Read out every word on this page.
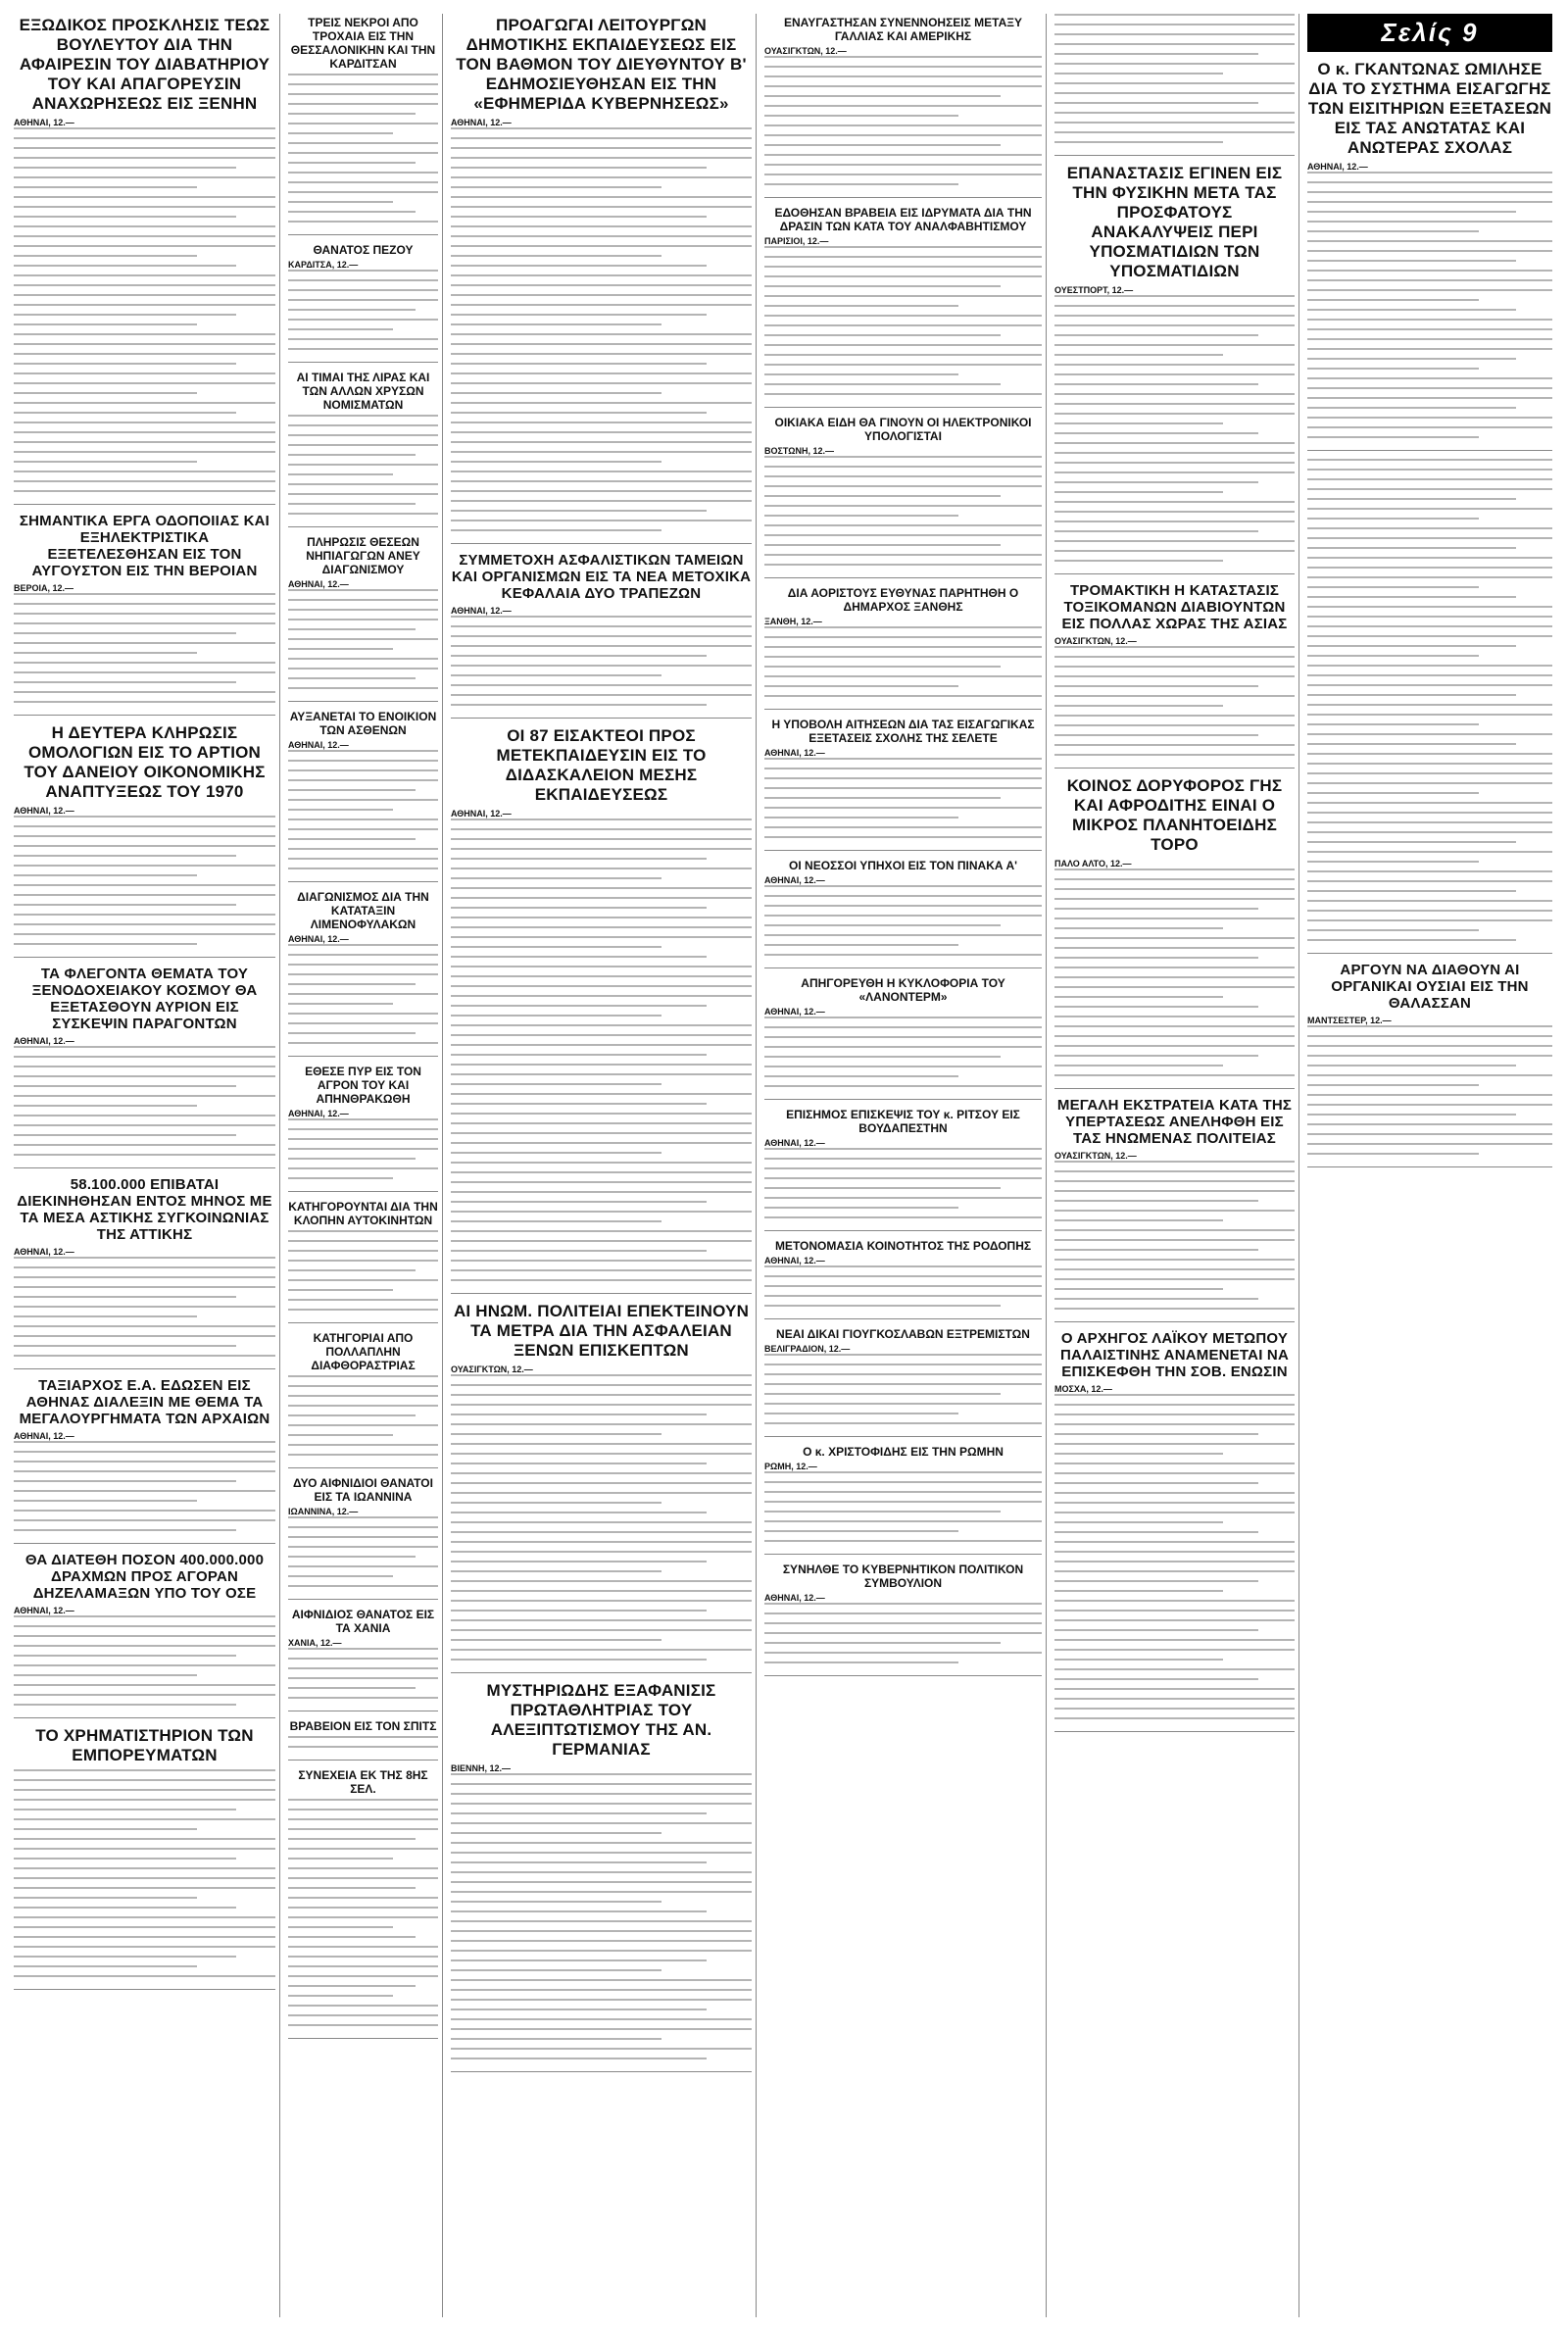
ΕΞΩΔΙΚΟΣ ΠΡΟΣΚΛΗΣΙΣ ΤΕΩΣ ΒΟΥΛΕΥΤΟΥ ΔΙΑ ΤΗΝ ΑΦΑΙΡΕΣΙΝ ΤΟΥ ΔΙΑΒΑΤΗΡΙΟΥ ΤΟΥ ΚΑΙ ΑΠΑΓΟΡΕΥΣΙΝ ΑΝΑΧΩΡΗΣΕΩΣ ΕΙΣ ΞΕΝΗΝ
ΑΘΗΝΑΙ, 12.—
ΣΗΜΑΝΤΙΚΑ ΕΡΓΑ ΟΔΟΠΟΙΙΑΣ ΚΑΙ ΕΞΗΛΕΚΤΡΙΣΤΙΚΑ ΕΞΕΤΕΛΕΣΘΗΣΑΝ ΕΙΣ ΤΟΝ ΑΥΓΟΥΣΤΟΝ ΕΙΣ ΤΗΝ ΒΕΡΟΙΑΝ
ΒΕΡΟΙΑ, 12.—
Η ΔΕΥΤΕΡΑ ΚΛΗΡΩΣΙΣ ΟΜΟΛΟΓΙΩΝ ΕΙΣ ΤΟ ΑΡΤΙΟΝ ΤΟΥ ΔΑΝΕΙΟΥ ΟΙΚΟΝΟΜΙΚΗΣ ΑΝΑΠΤΥΞΕΩΣ ΤΟΥ 1970
ΑΘΗΝΑΙ, 12.—
ΤΑ ΦΛΕΓΟΝΤΑ ΘΕΜΑΤΑ ΤΟΥ ΞΕΝΟΔΟΧΕΙΑΚΟΥ ΚΟΣΜΟΥ ΘΑ ΕΞΕΤΑΣΘΟΥΝ ΑΥΡΙΟΝ ΕΙΣ ΣΥΣΚΕΨΙΝ ΠΑΡΑΓΟΝΤΩΝ
ΑΘΗΝΑΙ, 12.—
58.100.000 ΕΠΙΒΑΤΑΙ ΔΙΕΚΙΝΗΘΗΣΑΝ ΕΝΤΟΣ ΜΗΝΟΣ ΜΕ ΤΑ ΜΕΣΑ ΑΣΤΙΚΗΣ ΣΥΓΚΟΙΝΩΝΙΑΣ ΤΗΣ ΑΤΤΙΚΗΣ
ΑΘΗΝΑΙ, 12.—
ΤΑΞΙΑΡΧΟΣ Ε.Α. ΕΔΩΣΕΝ ΕΙΣ ΑΘΗΝΑΣ ΔΙΑΛΕΞΙΝ ΜΕ ΘΕΜΑ ΤΑ ΜΕΓΑΛΟΥΡΓΗΜΑΤΑ ΤΩΝ ΑΡΧΑΙΩΝ
ΑΘΗΝΑΙ, 12.—
ΘΑ ΔΙΑΤΕΘΗ ΠΟΣΟΝ 400.000.000 ΔΡΑΧΜΩΝ ΠΡΟΣ ΑΓΟΡΑΝ ΔΗΖΕΛΑΜΑΞΩΝ ΥΠΟ ΤΟΥ ΟΣΕ
ΑΘΗΝΑΙ, 12.—
ΤΟ ΧΡΗΜΑΤΙΣΤΗΡΙΟΝ ΤΩΝ ΕΜΠΟΡΕΥΜΑΤΩΝ
ΤΡΕΙΣ ΝΕΚΡΟΙ ΑΠΟ ΤΡΟΧΑΙΑ ΕΙΣ ΤΗΝ ΘΕΣΣΑΛΟΝΙΚΗΝ ΚΑΙ ΤΗΝ ΚΑΡΔΙΤΣΑΝ
ΘΑΝΑΤΟΣ ΠΕΖΟΥ
ΚΑΡΔΙΤΣΑ, 12.—
ΑΙ ΤΙΜΑΙ ΤΗΣ ΛΙΡΑΣ ΚΑΙ ΤΩΝ ΑΛΛΩΝ ΧΡΥΣΩΝ ΝΟΜΙΣΜΑΤΩΝ
ΠΛΗΡΩΣΙΣ ΘΕΣΕΩΝ ΝΗΠΙΑΓΩΓΩΝ ΑΝΕΥ ΔΙΑΓΩΝΙΣΜΟΥ
ΑΘΗΝΑΙ, 12.—
ΑΥΞΑΝΕΤΑΙ ΤΟ ΕΝΟΙΚΙΟΝ ΤΩΝ ΑΣΘΕΝΩΝ
ΑΘΗΝΑΙ, 12.—
ΔΙΑΓΩΝΙΣΜΟΣ ΔΙΑ ΤΗΝ ΚΑΤΑΤΑΞΙΝ ΛΙΜΕΝΟΦΥΛΑΚΩΝ
ΑΘΗΝΑΙ, 12.—
ΕΘΕΣΕ ΠΥΡ ΕΙΣ ΤΟΝ ΑΓΡΟΝ ΤΟΥ ΚΑΙ ΑΠΗΝΘΡΑΚΩΘΗ
ΑΘΗΝΑΙ, 12.—
ΚΑΤΗΓΟΡΟΥΝΤΑΙ ΔΙΑ ΤΗΝ ΚΛΟΠΗΝ ΑΥΤΟΚΙΝΗΤΩΝ
ΚΑΤΗΓΟΡΙΑΙ ΑΠΟ ΠΟΛΛΑΠΛΗΝ ΔΙΑΦΘΟΡΑΣΤΡΙΑΣ
ΔΥΟ ΑΙΦΝΙΔΙΟΙ ΘΑΝΑΤΟΙ ΕΙΣ ΤΑ ΙΩΑΝΝΙΝΑ
ΙΩΑΝΝΙΝΑ, 12.—
ΑΙΦΝΙΔΙΟΣ ΘΑΝΑΤΟΣ ΕΙΣ ΤΑ ΧΑΝΙΑ
ΧΑΝΙΑ, 12.—
ΒΡΑΒΕΙΟΝ ΕΙΣ ΤΟΝ ΣΠΙΤΣ
ΣΥΝΕΧΕΙΑ ΕΚ ΤΗΣ 8ΗΣ ΣΕΛ.
ΠΡΟΑΓΩΓΑΙ ΛΕΙΤΟΥΡΓΩΝ ΔΗΜΟΤΙΚΗΣ ΕΚΠΑΙΔΕΥΣΕΩΣ ΕΙΣ ΤΟΝ ΒΑΘΜΟΝ ΤΟΥ ΔΙΕΥΘΥΝΤΟΥ Β' ΕΔΗΜΟΣΙΕΥΘΗΣΑΝ ΕΙΣ ΤΗΝ «ΕΦΗΜΕΡΙΔΑ ΚΥΒΕΡΝΗΣΕΩΣ»
ΑΘΗΝΑΙ, 12.—
ΣΥΜΜΕΤΟΧΗ ΑΣΦΑΛΙΣΤΙΚΩΝ ΤΑΜΕΙΩΝ ΚΑΙ ΟΡΓΑΝΙΣΜΩΝ ΕΙΣ ΤΑ ΝΕΑ ΜΕΤΟΧΙΚΑ ΚΕΦΑΛΑΙΑ ΔΥΟ ΤΡΑΠΕΖΩΝ
ΑΘΗΝΑΙ, 12.—
ΟΙ 87 ΕΙΣΑΚΤΕΟΙ ΠΡΟΣ ΜΕΤΕΚΠΑΙΔΕΥΣΙΝ ΕΙΣ ΤΟ ΔΙΔΑΣΚΑΛΕΙΟΝ ΜΕΣΗΣ ΕΚΠΑΙΔΕΥΣΕΩΣ
ΑΘΗΝΑΙ, 12.—
ΑΙ ΗΝΩΜ. ΠΟΛΙΤΕΙΑΙ ΕΠΕΚΤΕΙΝΟΥΝ ΤΑ ΜΕΤΡΑ ΔΙΑ ΤΗΝ ΑΣΦΑΛΕΙΑΝ ΞΕΝΩΝ ΕΠΙΣΚΕΠΤΩΝ
ΟΥΑΣΙΓΚΤΩΝ, 12.—
ΜΥΣΤΗΡΙΩΔΗΣ ΕΞΑΦΑΝΙΣΙΣ ΠΡΩΤΑΘΛΗΤΡΙΑΣ ΤΟΥ ΑΛΕΞΙΠΤΩΤΙΣΜΟΥ ΤΗΣ ΑΝ. ΓΕΡΜΑΝΙΑΣ
ΒΙΕΝΝΗ, 12.—
ΕΝΑΥΓΑΣΤΗΣΑΝ ΣΥΝΕΝΝΟΗΣΕΙΣ ΜΕΤΑΞΥ ΓΑΛΛΙΑΣ ΚΑΙ ΑΜΕΡΙΚΗΣ
ΟΥΑΣΙΓΚΤΩΝ, 12.—
ΕΔΟΘΗΣΑΝ ΒΡΑΒΕΙΑ ΕΙΣ ΙΔΡΥΜΑΤΑ ΔΙΑ ΤΗΝ ΔΡΑΣΙΝ ΤΩΝ ΚΑΤΑ ΤΟΥ ΑΝΑΛΦΑΒΗΤΙΣΜΟΥ
ΠΑΡΙΣΙΟΙ, 12.—
ΟΙΚΙΑΚΑ ΕΙΔΗ ΘΑ ΓΙΝΟΥΝ ΟΙ ΗΛΕΚΤΡΟΝΙΚΟΙ ΥΠΟΛΟΓΙΣΤΑΙ
ΒΟΣΤΩΝΗ, 12.—
ΔΙΑ ΑΟΡΙΣΤΟΥΣ ΕΥΘΥΝΑΣ ΠΑΡΗΤΗΘΗ Ο ΔΗΜΑΡΧΟΣ ΞΑΝΘΗΣ
ΞΑΝΘΗ, 12.—
Η ΥΠΟΒΟΛΗ ΑΙΤΗΣΕΩΝ ΔΙΑ ΤΑΣ ΕΙΣΑΓΩΓΙΚΑΣ ΕΞΕΤΑΣΕΙΣ ΣΧΟΛΗΣ ΤΗΣ ΣΕΛΕΤΕ
ΑΘΗΝΑΙ, 12.—
ΟΙ ΝΕΟΣΣΟΙ ΥΠΗΧΟΙ ΕΙΣ ΤΟΝ ΠΙΝΑΚΑ Α'
ΑΘΗΝΑΙ, 12.—
ΑΠΗΓΟΡΕΥΘΗ Η ΚΥΚΛΟΦΟΡΙΑ ΤΟΥ «ΛΑΝΟΝΤΕΡΜ»
ΑΘΗΝΑΙ, 12.—
ΕΠΙΣΗΜΟΣ ΕΠΙΣΚΕΨΙΣ ΤΟΥ κ. ΡΙΤΣΟΥ ΕΙΣ ΒΟΥΔΑΠΕΣΤΗΝ
ΑΘΗΝΑΙ, 12.—
ΜΕΤΟΝΟΜΑΣΙΑ ΚΟΙΝΟΤΗΤΟΣ ΤΗΣ ΡΟΔΟΠΗΣ
ΑΘΗΝΑΙ, 12.—
ΝΕΑΙ ΔΙΚΑΙ ΓΙΟΥΓΚΟΣΛΑΒΩΝ ΕΞΤΡΕΜΙΣΤΩΝ
ΒΕΛΙΓΡΑΔΙΟΝ, 12.—
Ο κ. ΧΡΙΣΤΟΦΙΔΗΣ ΕΙΣ ΤΗΝ ΡΩΜΗΝ
ΡΩΜΗ, 12.—
ΣΥΝΗΛΘΕ ΤΟ ΚΥΒΕΡΝΗΤΙΚΟΝ ΠΟΛΙΤΙΚΟΝ ΣΥΜΒΟΥΛΙΟΝ
ΑΘΗΝΑΙ, 12.—
ΕΠΑΝΑΣΤΑΣΙΣ ΕΓΙΝΕΝ ΕΙΣ ΤΗΝ ΦΥΣΙΚΗΝ ΜΕΤΑ ΤΑΣ ΠΡΟΣΦΑΤΟΥΣ ΑΝΑΚΑΛΥΨΕΙΣ ΠΕΡΙ ΥΠΟΣΜΑΤΙΔΙΩΝ ΤΩΝ ΥΠΟΣΜΑΤΙΔΙΩΝ
ΟΥΕΣΤΠΟΡΤ, 12.—
ΤΡΟΜΑΚΤΙΚΗ Η ΚΑΤΑΣΤΑΣΙΣ ΤΟΞΙΚΟΜΑΝΩΝ ΔΙΑΒΙΟΥΝΤΩΝ ΕΙΣ ΠΟΛΛΑΣ ΧΩΡΑΣ ΤΗΣ ΑΣΙΑΣ
ΟΥΑΣΙΓΚΤΩΝ, 12.—
ΚΟΙΝΟΣ ΔΟΡΥΦΟΡΟΣ ΓΗΣ ΚΑΙ ΑΦΡΟΔΙΤΗΣ ΕΙΝΑΙ Ο ΜΙΚΡΟΣ ΠΛΑΝΗΤΟΕΙΔΗΣ ΤΟΡΟ
ΠΑΛΟ ΑΛΤΟ, 12.—
ΜΕΓΑΛΗ ΕΚΣΤΡΑΤΕΙΑ ΚΑΤΑ ΤΗΣ ΥΠΕΡΤΑΣΕΩΣ ΑΝΕΛΗΦΘΗ ΕΙΣ ΤΑΣ ΗΝΩΜΕΝΑΣ ΠΟΛΙΤΕΙΑΣ
ΟΥΑΣΙΓΚΤΩΝ, 12.—
Ο ΑΡΧΗΓΟΣ ΛΑΪΚΟΥ ΜΕΤΩΠΟΥ ΠΑΛΑΙΣΤΙΝΗΣ ΑΝΑΜΕΝΕΤΑΙ ΝΑ ΕΠΙΣΚΕΦΘΗ ΤΗΝ ΣΟΒ. ΕΝΩΣΙΝ
ΜΟΣΧΑ, 12.—
Σελίς 9
Ο κ. ΓΚΑΝΤΩΝΑΣ ΩΜΙΛΗΣΕ ΔΙΑ ΤΟ ΣΥΣΤΗΜΑ ΕΙΣΑΓΩΓΗΣ ΤΩΝ ΕΙΣΙΤΗΡΙΩΝ ΕΞΕΤΑΣΕΩΝ ΕΙΣ ΤΑΣ ΑΝΩΤΑΤΑΣ ΚΑΙ ΑΝΩΤΕΡΑΣ ΣΧΟΛΑΣ
ΑΘΗΝΑΙ, 12.—
ΑΡΓΟΥΝ ΝΑ ΔΙΑΘΟΥΝ ΑΙ ΟΡΓΑΝΙΚΑΙ ΟΥΣΙΑΙ ΕΙΣ ΤΗΝ ΘΑΛΑΣΣΑΝ
ΜΑΝΤΣΕΣΤΕΡ, 12.—
